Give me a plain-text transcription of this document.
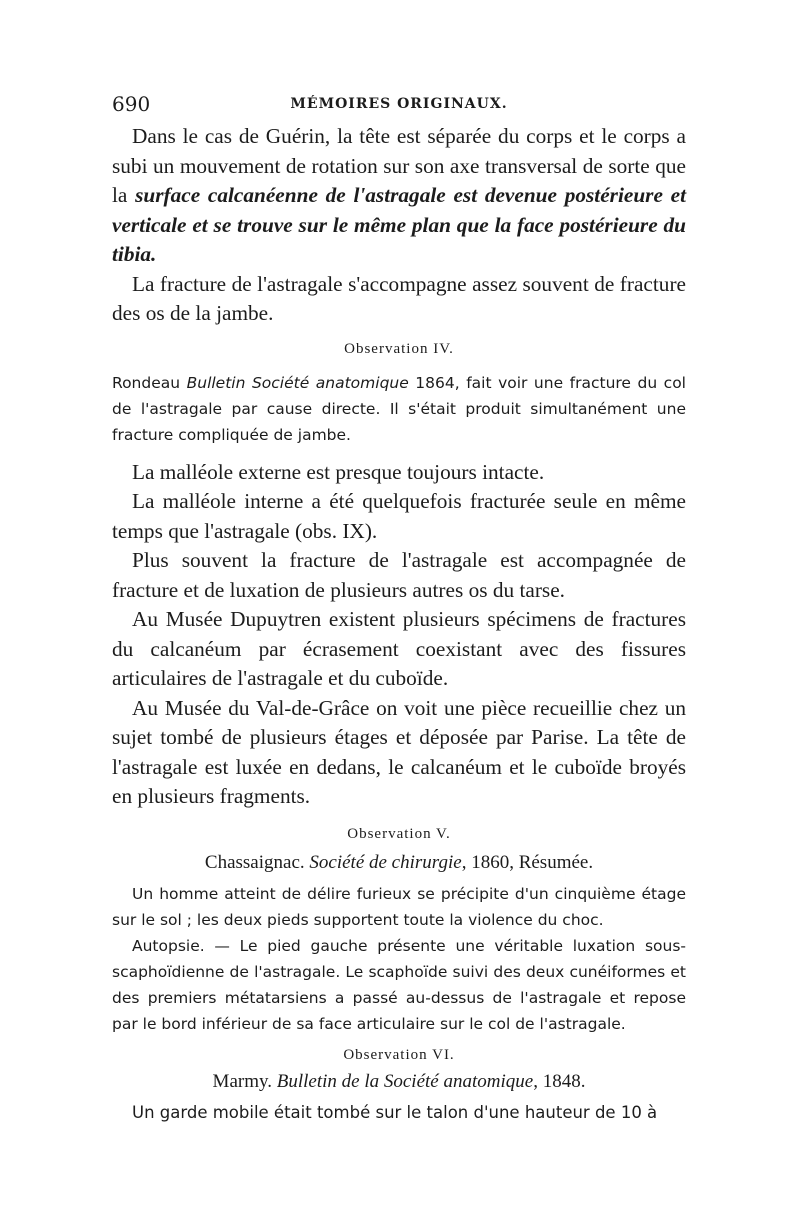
690	MÉMOIRES ORIGINAUX.

Dans le cas de Guérin, la tête est séparée du corps et le corps a subi un mouvement de rotation sur son axe transversal de sorte que la surface calcanéenne de l'astragale est devenue postérieure et verticale et se trouve sur le même plan que la face postérieure du tibia.

La fracture de l'astragale s'accompagne assez souvent de fracture des os de la jambe.

Observation IV.

Rondeau Bulletin Société anatomique 1864, fait voir une fracture du col de l'astragale par cause directe. Il s'était produit simultanément une fracture compliquée de jambe.

La malléole externe est presque toujours intacte.

La malléole interne a été quelquefois fracturée seule en même temps que l'astragale (obs. IX).

Plus souvent la fracture de l'astragale est accompagnée de fracture et de luxation de plusieurs autres os du tarse.

Au Musée Dupuytren existent plusieurs spécimens de fractures du calcanéum par écrasement coexistant avec des fissures articulaires de l'astragale et du cuboïde.

Au Musée du Val-de-Grâce on voit une pièce recueillie chez un sujet tombé de plusieurs étages et déposée par Parise. La tête de l'astragale est luxée en dedans, le calcanéum et le cuboïde broyés en plusieurs fragments.

Observation V.
Chassaignac. Société de chirurgie, 1860, Résumée.

Un homme atteint de délire furieux se précipite d'un cinquième étage sur le sol ; les deux pieds supportent toute la violence du choc.

Autopsie. — Le pied gauche présente une véritable luxation sous-scaphoïdienne de l'astragale. Le scaphoïde suivi des deux cunéiformes et des premiers métatarsiens a passé au-dessus de l'astragale et repose par le bord inférieur de sa face articulaire sur le col de l'astragale.

Observation VI.
Marmy. Bulletin de la Société anatomique, 1848.

Un garde mobile était tombé sur le talon d'une hauteur de 10 à
